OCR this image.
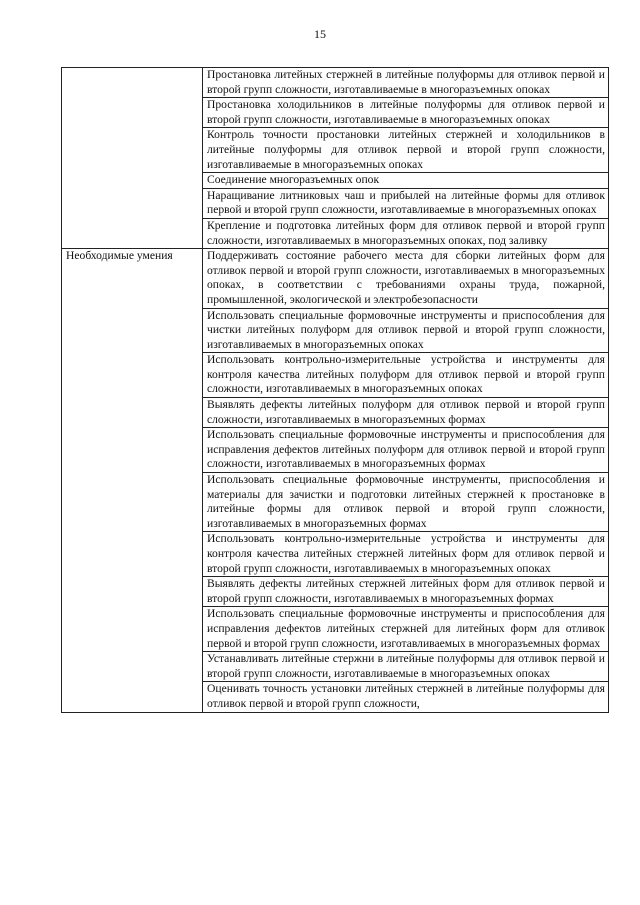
15
	Простановка литейных стержней в литейные полуформы для отливок первой и второй групп сложности, изготавливаемые в многоразъемных опоках
	Простановка холодильников в литейные полуформы для отливок первой и второй групп сложности, изготавливаемые в многоразъемных опоках
	Контроль точности простановки литейных стержней и холодильников в литейные полуформы для отливок первой и второй групп сложности, изготавливаемые в многоразъемных опоках
	Соединение многоразъемных опок
	Наращивание литниковых чаш и прибылей на литейные формы для отливок первой и второй групп сложности, изготавливаемые в многоразъемных опоках
	Крепление и подготовка литейных форм для отливок первой и второй групп сложности, изготавливаемых в многоразъемных опоках, под заливку
Необходимые умения	Поддерживать состояние рабочего места для сборки литейных форм для отливок первой и второй групп сложности, изготавливаемых в многоразъемных опоках, в соответствии с требованиями охраны труда, пожарной, промышленной, экологической и электробезопасности
	Использовать специальные формовочные инструменты и приспособления для чистки литейных полуформ для отливок первой и второй групп сложности, изготавливаемых в многоразъемных опоках
	Использовать контрольно-измерительные устройства и инструменты для контроля качества литейных полуформ для отливок первой и второй групп сложности, изготавливаемых в многоразъемных опоках
	Выявлять дефекты литейных полуформ для отливок первой и второй групп сложности, изготавливаемых в многоразъемных формах
	Использовать специальные формовочные инструменты и приспособления для исправления дефектов литейных полуформ для отливок первой и второй групп сложности, изготавливаемых в многоразъемных формах
	Использовать специальные формовочные инструменты, приспособления и материалы для зачистки и подготовки литейных стержней к простановке в литейные формы для отливок первой и второй групп сложности, изготавливаемых в многоразъемных формах
	Использовать контрольно-измерительные устройства и инструменты для контроля качества литейных стержней литейных форм для отливок первой и второй групп сложности, изготавливаемых в многоразъемных опоках
	Выявлять дефекты литейных стержней литейных форм для отливок первой и второй групп сложности, изготавливаемых в многоразъемных формах
	Использовать специальные формовочные инструменты и приспособления для исправления дефектов литейных стержней для литейных форм для отливок первой и второй групп сложности, изготавливаемых в многоразъемных формах
	Устанавливать литейные стержни в литейные полуформы для отливок первой и второй групп сложности, изготавливаемые в многоразъемных опоках
	Оценивать точность установки литейных стержней в литейные полуформы для отливок первой и второй групп сложности,
